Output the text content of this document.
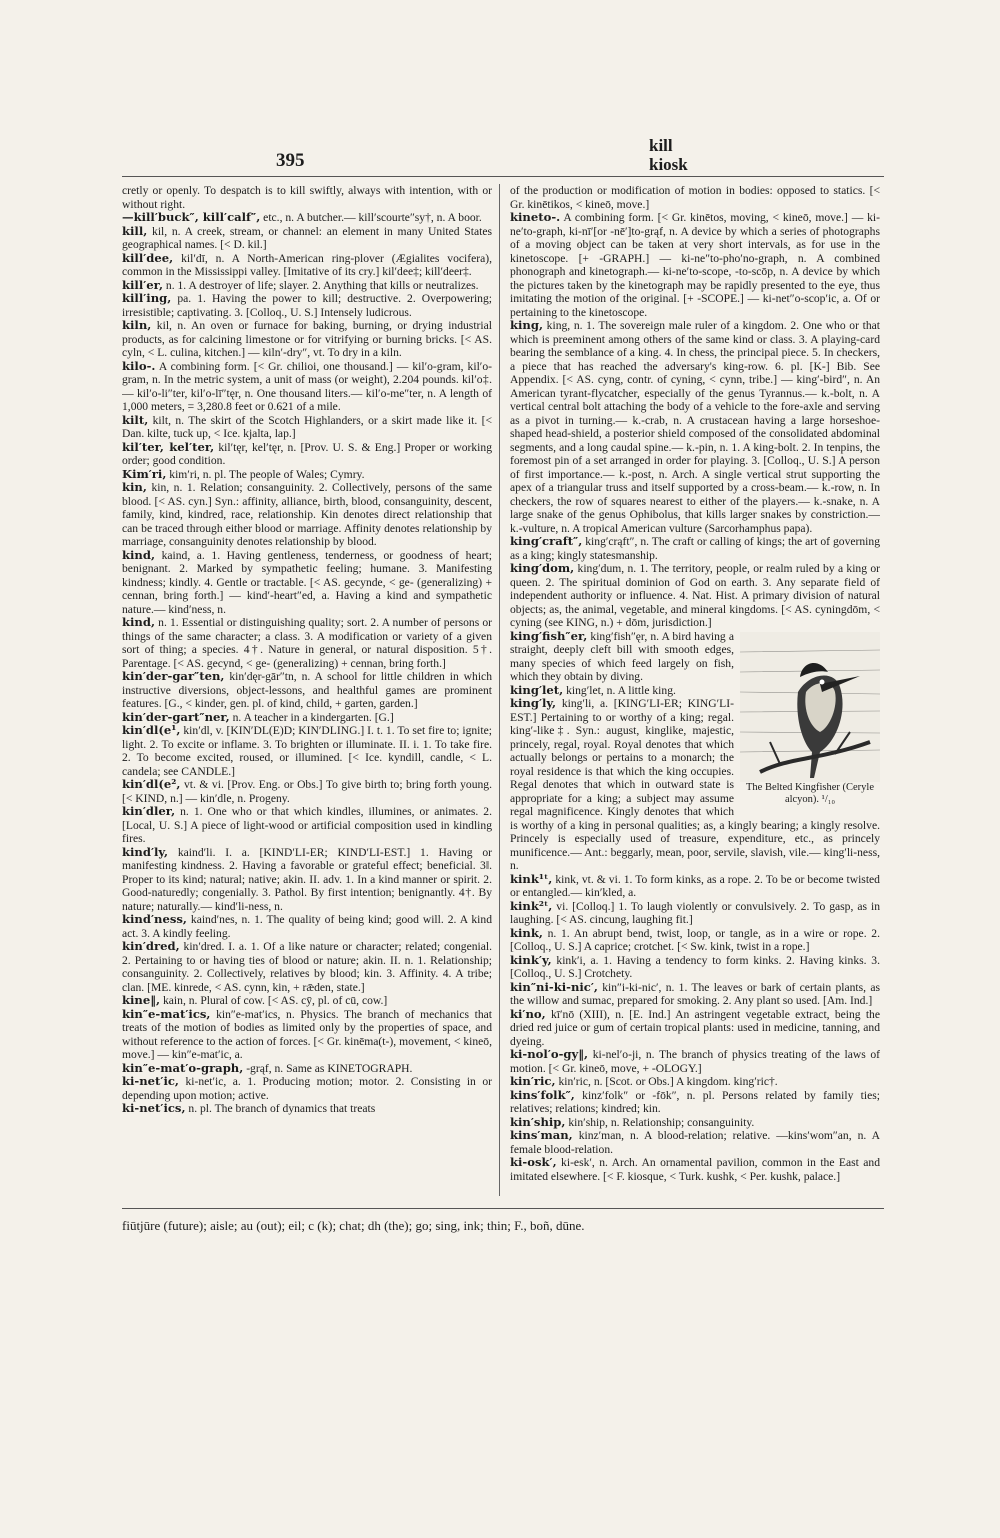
395
kill
kiosk

cretly or openly. To despatch is to kill swiftly, always with intention, with or without right.

—kill′buck″, kill′calf″, etc., n. A butcher.— kill′scourte″sy†, n. A boor.

kill, kil, n. A creek, stream, or channel: an element in many United States geographical names. [< D. kil.]

kill′dee, kil′dī, n. A North-American ring-plover (Ægialites vocifera), common in the Mississippi valley. [Imitative of its cry.] kil′dee‡; kill′deer‡.

kill′er, n. 1. A destroyer of life; slayer. 2. Anything that kills or neutralizes.

kill′ing, pa. 1. Having the power to kill; destructive. 2. Overpowering; irresistible; captivating. 3. [Colloq., U. S.] Intensely ludicrous.

kiln, kil, n. An oven or furnace for baking, burning, or drying industrial products, as for calcining limestone or for vitrifying or burning bricks. [< AS. cyln, < L. culina, kitchen.] — kiln′-dry″, vt. To dry in a kiln.

kilo-. A combining form. [< Gr. chilioi, one thousand.] — kil′o-gram, kil′o-gram, n. In the metric system, a unit of mass (or weight), 2.204 pounds. kil′o‡.— kil′o-li″ter, kil′o-lī″tęr, n. One thousand liters.— kil′o-me″ter, n. A length of 1,000 meters, = 3,280.8 feet or 0.621 of a mile.

kilt, kilt, n. The skirt of the Scotch Highlanders, or a skirt made like it. [< Dan. kilte, tuck up, < Ice. kjalta, lap.]

kil′ter, kel′ter, kil′tęr, kel′tęr, n. [Prov. U. S. & Eng.] Proper or working order; good condition.

Kim′ri, kim′ri, n. pl. The people of Wales; Cymry.

kin, kin, n. 1. Relation; consanguinity. 2. Collectively, persons of the same blood. [< AS. cyn.] Syn.: affinity, alliance, birth, blood, consanguinity, descent, family, kind, kindred, race, relationship. Kin denotes direct relationship that can be traced through either blood or marriage. Affinity denotes relationship by marriage, consanguinity denotes relationship by blood.

kind, kaind, a. 1. Having gentleness, tenderness, or goodness of heart; benignant. 2. Marked by sympathetic feeling; humane. 3. Manifesting kindness; kindly. 4. Gentle or tractable. [< AS. gecynde, < ge- (generalizing) + cennan, bring forth.] — kind′-heart″ed, a. Having a kind and sympathetic nature.— kind′ness, n.

kind, n. 1. Essential or distinguishing quality; sort. 2. A number of persons or things of the same character; a class. 3. A modification or variety of a given sort of thing; a species. 4†. Nature in general, or natural disposition. 5†. Parentage. [< AS. gecynd, < ge- (generalizing) + cennan, bring forth.]

kin′der-gar″ten, kin′dęr-gār″tn, n. A school for little children in which instructive diversions, object-lessons, and healthful games are prominent features. [G., < kinder, gen. pl. of kind, child, + garten, garden.]

kin′der-gart″ner, n. A teacher in a kindergarten. [G.]

kin′dl(e¹, kin′dl, v. [KIN′DL(E)D; KIN′DLING.] I. t. 1. To set fire to; ignite; light. 2. To excite or inflame. 3. To brighten or illuminate. II. i. 1. To take fire. 2. To become excited, roused, or illumined. [< Ice. kyndill, candle, < L. candela; see CANDLE.]

kin′dl(e², vt. & vi. [Prov. Eng. or Obs.] To give birth to; bring forth young. [< KIND, n.] — kin′dle, n. Progeny.

kin′dler, n. 1. One who or that which kindles, illumines, or animates. 2. [Local, U. S.] A piece of light-wood or artificial composition used in kindling fires.

kind′ly, kaind′li. I. a. [KIND′LI-ER; KIND′LI-EST.] 1. Having or manifesting kindness. 2. Having a favorable or grateful effect; beneficial. 3‖. Proper to its kind; natural; native; akin. II. adv. 1. In a kind manner or spirit. 2. Good-naturedly; congenially. 3. Pathol. By first intention; benignantly. 4†. By nature; naturally.— kind′li-ness, n.

kind′ness, kaind′nes, n. 1. The quality of being kind; good will. 2. A kind act. 3. A kindly feeling.

kin′dred, kin′dred. I. a. 1. Of a like nature or character; related; congenial. 2. Pertaining to or having ties of blood or nature; akin. II. n. 1. Relationship; consanguinity. 2. Collectively, relatives by blood; kin. 3. Affinity. 4. A tribe; clan. [ME. kinrede, < AS. cynn, kin, + rǣden, state.]

kine‖, kain, n. Plural of cow. [< AS. cȳ, pl. of cū, cow.]

kin″e-mat′ics, kin″e-mat′ics, n. Physics. The branch of mechanics that treats of the motion of bodies as limited only by the properties of space, and without reference to the action of forces. [< Gr. kinēma(t-), movement, < kineō, move.] — kin″e-mat′ic, a.

kin″e-mat′o-graph, -grąf, n. Same as KINETOGRAPH.

ki-net′ic, ki-net′ic, a. 1. Producing motion; motor. 2. Consisting in or depending upon motion; active.

ki-net′ics, n. pl. The branch of dynamics that treats

of the production or modification of motion in bodies: opposed to statics. [< Gr. kinētikos, < kineō, move.]

kineto-. A combining form. [< Gr. kinētos, moving, < kineō, move.] — ki-ne′to-graph, ki-nī′[or -nē′]to-grąf, n. A device by which a series of photographs of a moving object can be taken at very short intervals, as for use in the kinetoscope. [+ -GRAPH.] — ki-ne″to-pho′no-graph, n. A combined phonograph and kinetograph.— ki-ne′to-scope, -to-scōp, n. A device by which the pictures taken by the kinetograph may be rapidly presented to the eye, thus imitating the motion of the original. [+ -SCOPE.] — ki-net″o-scop′ic, a. Of or pertaining to the kinetoscope.

king, king, n. 1. The sovereign male ruler of a kingdom. 2. One who or that which is preeminent among others of the same kind or class. 3. A playing-card bearing the semblance of a king. 4. In chess, the principal piece. 5. In checkers, a piece that has reached the adversary's king-row. 6. pl. [K-] Bib. See Appendix. [< AS. cyng, contr. of cyning, < cynn, tribe.] — king′-bird″, n. An American tyrant-flycatcher, especially of the genus Tyrannus.— k.-bolt, n. A vertical central bolt attaching the body of a vehicle to the fore-axle and serving as a pivot in turning.— k.-crab, n. A crustacean having a large horseshoe-shaped head-shield, a posterior shield composed of the consolidated abdominal segments, and a long caudal spine.— k.-pin, n. 1. A king-bolt. 2. In tenpins, the foremost pin of a set arranged in order for playing. 3. [Colloq., U. S.] A person of first importance.— k.-post, n. Arch. A single vertical strut supporting the apex of a triangular truss and itself supported by a cross-beam.— k.-row, n. In checkers, the row of squares nearest to either of the players.— k.-snake, n. A large snake of the genus Ophibolus, that kills larger snakes by constriction.— k.-vulture, n. A tropical American vulture (Sarcorhamphus papa).

king′craft″, king′crąft″, n. The craft or calling of kings; the art of governing as a king; kingly statesmanship.

king′dom, king′dum, n. 1. The territory, people, or realm ruled by a king or queen. 2. The spiritual dominion of God on earth. 3. Any separate field of independent authority or influence. 4. Nat. Hist. A primary division of natural objects; as, the animal, vegetable, and mineral kingdoms. [< AS. cyningdōm, < cyning (see KING, n.) + dōm, jurisdiction.]

The Belted Kingfisher (Ceryle alcyon). ¹/₁₀

king′fish″er, king′fish″ęr, n. A bird having a straight, deeply cleft bill with smooth edges, many species of which feed largely on fish, which they obtain by diving.

king′let, king′let, n. A little king.

king′ly, king′li, a. [KING′LI-ER; KING′LI-EST.] Pertaining to or worthy of a king; regal. king′-like‡. Syn.: august, kinglike, majestic, princely, regal, royal. Royal denotes that which actually belongs or pertains to a monarch; the royal residence is that which the king occupies. Regal denotes that which in outward state is appropriate for a king; a subject may assume regal magnificence. Kingly denotes that which is worthy of a king in personal qualities; as, a kingly bearing; a kingly resolve. Princely is especially used of treasure, expenditure, etc., as princely munificence.— Ant.: beggarly, mean, poor, servile, slavish, vile.— king′li-ness, n.

kink¹ᵗ, kink, vt. & vi. 1. To form kinks, as a rope. 2. To be or become twisted or entangled.— kin′kled, a.

kink²ᵗ, vi. [Colloq.] 1. To laugh violently or convulsively. 2. To gasp, as in laughing. [< AS. cincung, laughing fit.]

kink, n. 1. An abrupt bend, twist, loop, or tangle, as in a wire or rope. 2. [Colloq., U. S.] A caprice; crotchet. [< Sw. kink, twist in a rope.]

kink′y, kink′i, a. 1. Having a tendency to form kinks. 2. Having kinks. 3. [Colloq., U. S.] Crotchety.

kin″ni-ki-nic′, kin″i-ki-nic′, n. 1. The leaves or bark of certain plants, as the willow and sumac, prepared for smoking. 2. Any plant so used. [Am. Ind.]

ki′no, kī′nō (XIII), n. [E. Ind.] An astringent vegetable extract, being the dried red juice or gum of certain tropical plants: used in medicine, tanning, and dyeing.

ki-nol′o-gy‖, ki-nel′o-ji, n. The branch of physics treating of the laws of motion. [< Gr. kineō, move, + -OLOGY.]

kin′ric, kin′ric, n. [Scot. or Obs.] A kingdom. king′ric†.

kins′folk″, kinz′folk″ or -fōk″, n. pl. Persons related by family ties; relatives; relations; kindred; kin.

kin′ship, kin′ship, n. Relationship; consanguinity.

kins′man, kinz′man, n. A blood-relation; relative. —kins′wom″an, n. A female blood-relation.

ki-osk′, ki-esk′, n. Arch. An ornamental pavilion, common in the East and imitated elsewhere. [< F. kiosque, < Turk. kushk, < Per. kushk, palace.]

fiūtjūre (future); aisle; au (out); eil; c (k); chat; dh (the); go; sing, ink; thin; F., boñ, dūne.
